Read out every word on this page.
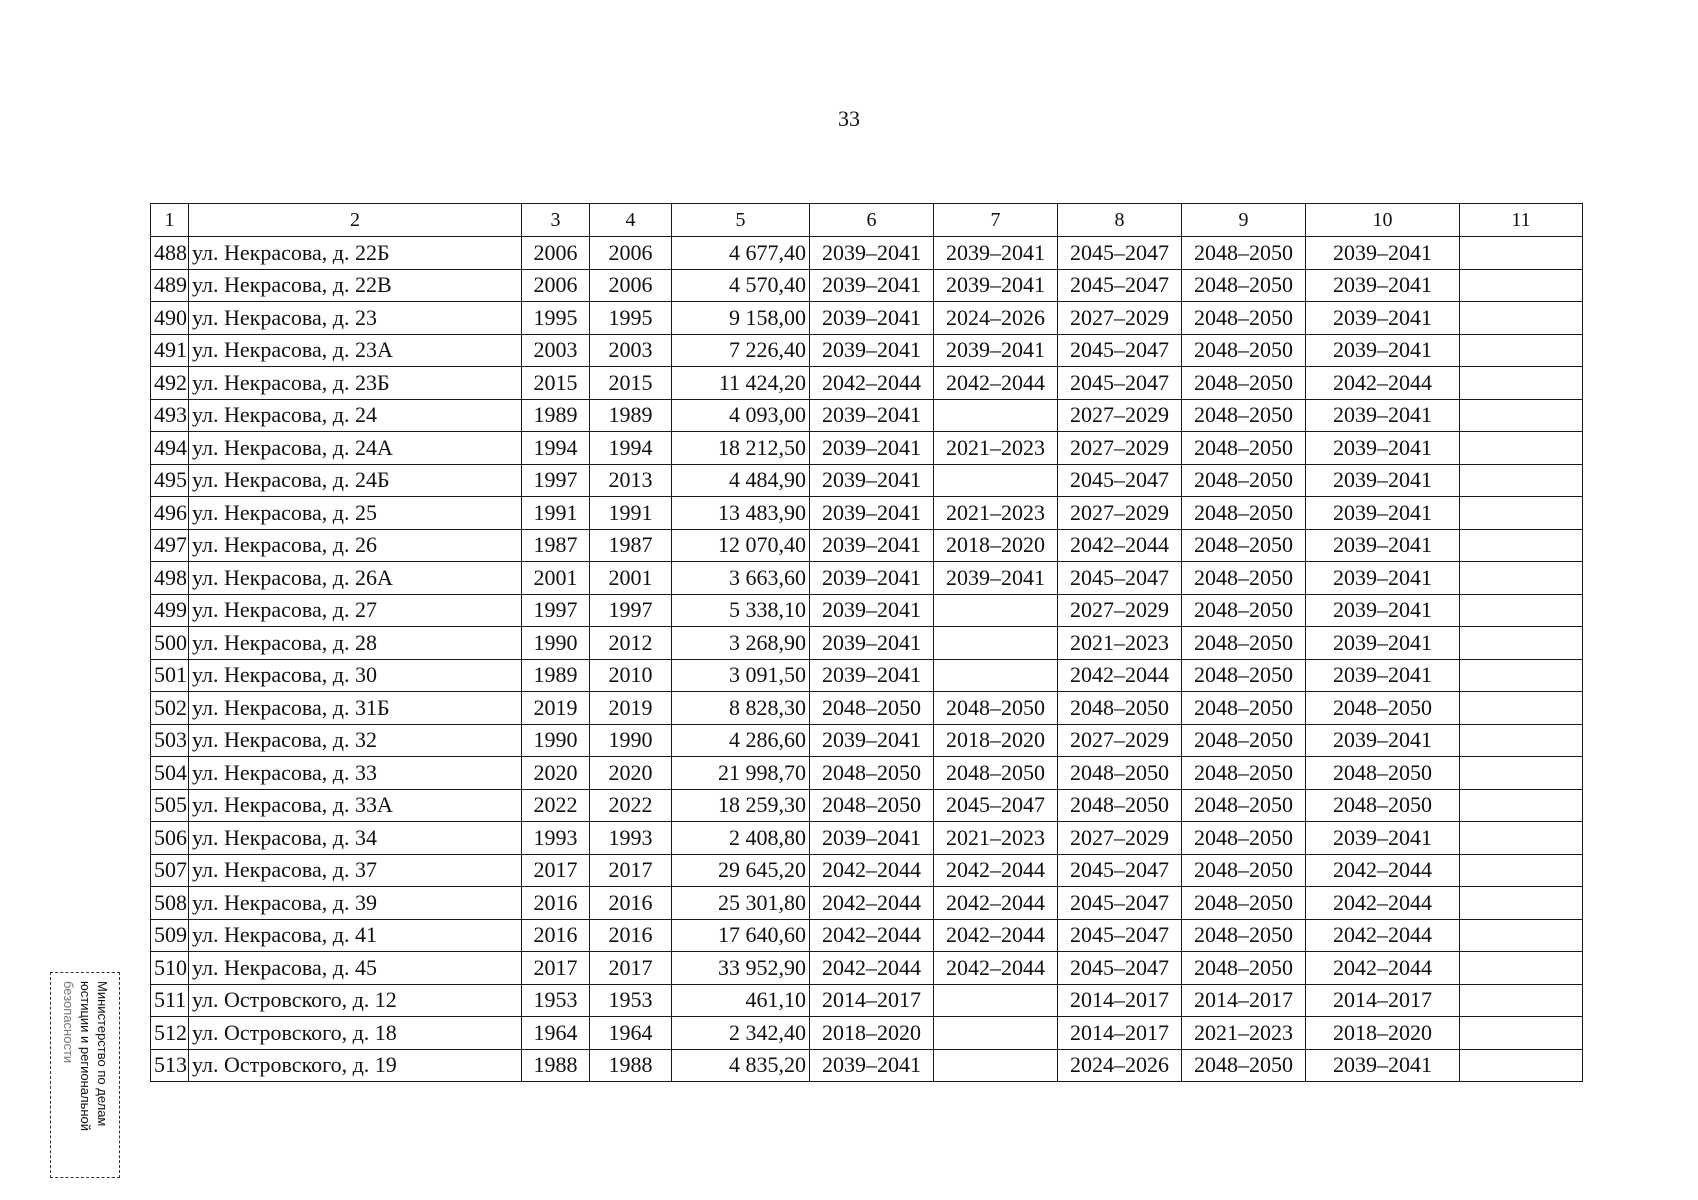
33
1	2	3	4	5	6	7	8	9	10	11
488	ул. Некрасова, д. 22Б	2006	2006	4 677,40	2039–2041	2039–2041	2045–2047	2048–2050	2039–2041	
489	ул. Некрасова, д. 22В	2006	2006	4 570,40	2039–2041	2039–2041	2045–2047	2048–2050	2039–2041	
490	ул. Некрасова, д. 23	1995	1995	9 158,00	2039–2041	2024–2026	2027–2029	2048–2050	2039–2041	
491	ул. Некрасова, д. 23А	2003	2003	7 226,40	2039–2041	2039–2041	2045–2047	2048–2050	2039–2041	
492	ул. Некрасова, д. 23Б	2015	2015	11 424,20	2042–2044	2042–2044	2045–2047	2048–2050	2042–2044	
493	ул. Некрасова, д. 24	1989	1989	4 093,00	2039–2041		2027–2029	2048–2050	2039–2041	
494	ул. Некрасова, д. 24А	1994	1994	18 212,50	2039–2041	2021–2023	2027–2029	2048–2050	2039–2041	
495	ул. Некрасова, д. 24Б	1997	2013	4 484,90	2039–2041		2045–2047	2048–2050	2039–2041	
496	ул. Некрасова, д. 25	1991	1991	13 483,90	2039–2041	2021–2023	2027–2029	2048–2050	2039–2041	
497	ул. Некрасова, д. 26	1987	1987	12 070,40	2039–2041	2018–2020	2042–2044	2048–2050	2039–2041	
498	ул. Некрасова, д. 26А	2001	2001	3 663,60	2039–2041	2039–2041	2045–2047	2048–2050	2039–2041	
499	ул. Некрасова, д. 27	1997	1997	5 338,10	2039–2041		2027–2029	2048–2050	2039–2041	
500	ул. Некрасова, д. 28	1990	2012	3 268,90	2039–2041		2021–2023	2048–2050	2039–2041	
501	ул. Некрасова, д. 30	1989	2010	3 091,50	2039–2041		2042–2044	2048–2050	2039–2041	
502	ул. Некрасова, д. 31Б	2019	2019	8 828,30	2048–2050	2048–2050	2048–2050	2048–2050	2048–2050	
503	ул. Некрасова, д. 32	1990	1990	4 286,60	2039–2041	2018–2020	2027–2029	2048–2050	2039–2041	
504	ул. Некрасова, д. 33	2020	2020	21 998,70	2048–2050	2048–2050	2048–2050	2048–2050	2048–2050	
505	ул. Некрасова, д. 33А	2022	2022	18 259,30	2048–2050	2045–2047	2048–2050	2048–2050	2048–2050	
506	ул. Некрасова, д. 34	1993	1993	2 408,80	2039–2041	2021–2023	2027–2029	2048–2050	2039–2041	
507	ул. Некрасова, д. 37	2017	2017	29 645,20	2042–2044	2042–2044	2045–2047	2048–2050	2042–2044	
508	ул. Некрасова, д. 39	2016	2016	25 301,80	2042–2044	2042–2044	2045–2047	2048–2050	2042–2044	
509	ул. Некрасова, д. 41	2016	2016	17 640,60	2042–2044	2042–2044	2045–2047	2048–2050	2042–2044	
510	ул. Некрасова, д. 45	2017	2017	33 952,90	2042–2044	2042–2044	2045–2047	2048–2050	2042–2044	
511	ул. Островского, д. 12	1953	1953	461,10	2014–2017		2014–2017	2014–2017	2014–2017	
512	ул. Островского, д. 18	1964	1964	2 342,40	2018–2020		2014–2017	2021–2023	2018–2020	
513	ул. Островского, д. 19	1988	1988	4 835,20	2039–2041		2024–2026	2048–2050	2039–2041	
Министерство по делам
юстиции и региональной
безопасности
